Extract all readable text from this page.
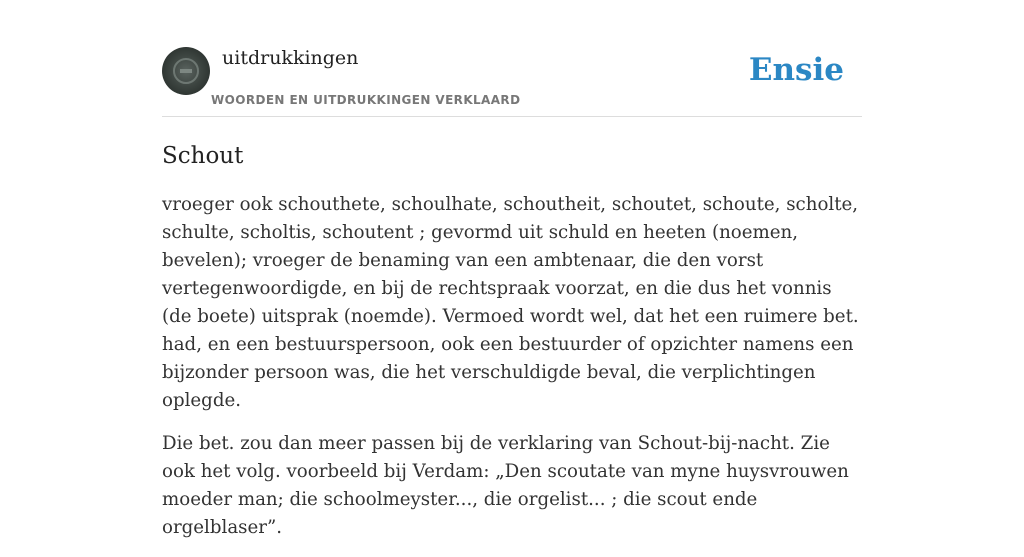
uitdrukkingen
WOORDEN EN UITDRUKKINGEN VERKLAARD
Ensie
Schout

vroeger ook schouthete, schoulhate, schoutheit, schoutet, schoute, scholte, schulte, scholtis, schoutent ; gevormd uit schuld en heeten (noemen, bevelen); vroeger de benaming van een ambtenaar, die den vorst vertegenwoordigde, en bij de rechtspraak voorzat, en die dus het vonnis (de boete) uitsprak (noemde). Vermoed wordt wel, dat het een ruimere bet. had, en een bestuurspersoon, ook een bestuurder of opzichter namens een bijzonder persoon was, die het verschuldigde beval, die verplichtingen oplegde.

Die bet. zou dan meer passen bij de verklaring van Schout-bij-nacht. Zie ook het volg. voorbeeld bij Verdam: „Den scoutate van myne huysvrouwen moeder man; die schoolmeyster..., die orgelist... ; die scout ende orgelblaser”.
